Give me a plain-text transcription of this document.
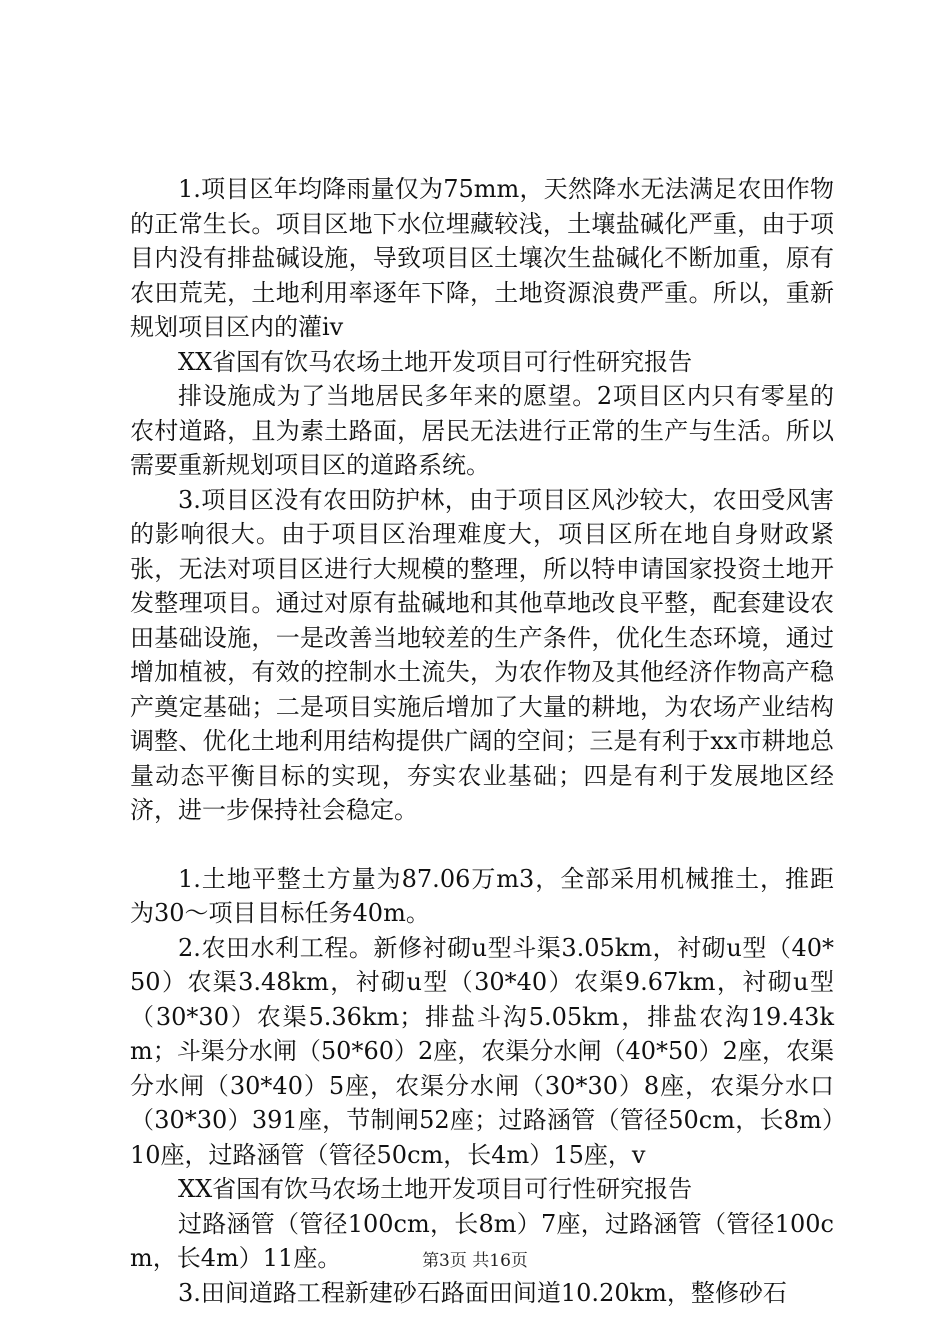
1.项目区年均降雨量仅为75mm，天然降水无法满足农田作物的正常生长。项目区地下水位埋藏较浅，土壤盐碱化严重，由于项目内没有排盐碱设施，导致项目区土壤次生盐碱化不断加重，原有农田荒芜，土地利用率逐年下降，土地资源浪费严重。所以，重新规划项目区内的灌iv

XX省国有饮马农场土地开发项目可行性研究报告

排设施成为了当地居民多年来的愿望。2项目区内只有零星的农村道路，且为素土路面，居民无法进行正常的生产与生活。所以需要重新规划项目区的道路系统。

3.项目区没有农田防护林，由于项目区风沙较大，农田受风害的影响很大。由于项目区治理难度大，项目区所在地自身财政紧张，无法对项目区进行大规模的整理，所以特申请国家投资土地开发整理项目。通过对原有盐碱地和其他草地改良平整，配套建设农田基础设施，一是改善当地较差的生产条件，优化生态环境，通过增加植被，有效的控制水土流失，为农作物及其他经济作物高产稳产奠定基础；二是项目实施后增加了大量的耕地，为农场产业结构调整、优化土地利用结构提供广阔的空间；三是有利于xx市耕地总量动态平衡目标的实现，夯实农业基础；四是有利于发展地区经济，进一步保持社会稳定。

1.土地平整土方量为87.06万m3，全部采用机械推土，推距为30～项目目标任务40m。

2.农田水利工程。新修衬砌u型斗渠3.05km，衬砌u型（40*50）农渠3.48km，衬砌u型（30*40）农渠9.67km，衬砌u型（30*30）农渠5.36km；排盐斗沟5.05km，排盐农沟19.43km；斗渠分水闸（50*60）2座，农渠分水闸（40*50）2座，农渠分水闸（30*40）5座，农渠分水闸（30*30）8座，农渠分水口（30*30）391座，节制闸52座；过路涵管（管径50cm，长8m）10座，过路涵管（管径50cm，长4m）15座，v

XX省国有饮马农场土地开发项目可行性研究报告

过路涵管（管径100cm，长8m）7座，过路涵管（管径100cm，长4m）11座。

3.田间道路工程新建砂石路面田间道10.20km，整修砂石

第3页 共16页
